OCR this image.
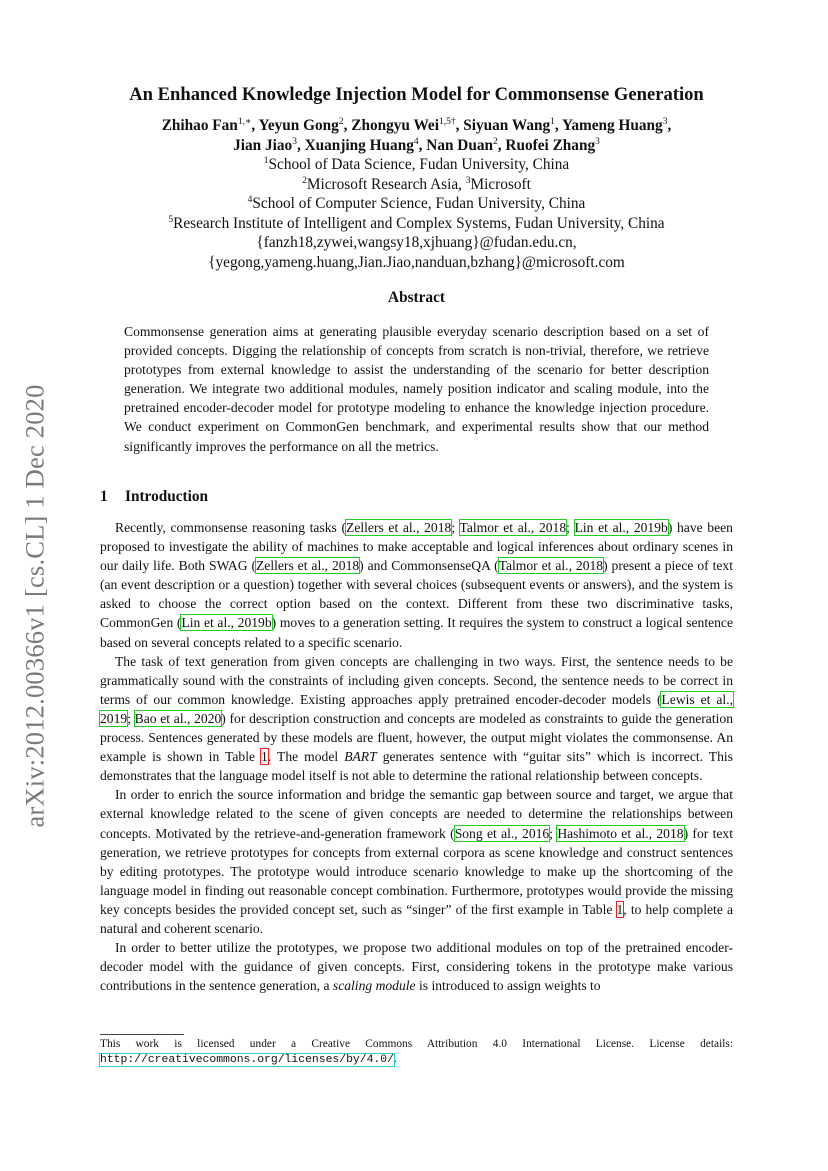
arXiv:2012.00366v1 [cs.CL] 1 Dec 2020
An Enhanced Knowledge Injection Model for Commonsense Generation
Zhihao Fan$^{1,∗}$, Yeyun Gong$^2$, Zhongyu Wei$^{1,5\dagger}$, Siyuan Wang$^1$, Yameng Huang$^3$,
Jian Jiao$^3$, Xuanjing Huang$^4$, Nan Duan$^2$, Ruofei Zhang$^3$
$^1$School of Data Science, Fudan University, China
$^2$Microsoft Research Asia, $^3$Microsoft
$^4$School of Computer Science, Fudan University, China
$^5$Research Institute of Intelligent and Complex Systems, Fudan University, China
{fanzh18,zywei,wangsy18,xjhuang}@fudan.edu.cn,
{yegong,yameng.huang,Jian.Jiao,nanduan,bzhang}@microsoft.com
Abstract
Commonsense generation aims at generating plausible everyday scenario description based on a set of provided concepts. Digging the relationship of concepts from scratch is non-trivial, therefore, we retrieve prototypes from external knowledge to assist the understanding of the scenario for better description generation. We integrate two additional modules, namely position indicator and scaling module, into the pretrained encoder-decoder model for prototype modeling to enhance the knowledge injection procedure. We conduct experiment on CommonGen benchmark, and experimental results show that our method significantly improves the performance on all the metrics.
1 Introduction

Recently, commonsense reasoning tasks (Zellers et al., 2018; Talmor et al., 2018; Lin et al., 2019b) have been proposed to investigate the ability of machines to make acceptable and logical inferences about ordinary scenes in our daily life. Both SWAG (Zellers et al., 2018) and CommonsenseQA (Talmor et al., 2018) present a piece of text (an event description or a question) together with several choices (subsequent events or answers), and the system is asked to choose the correct option based on the context. Different from these two discriminative tasks, CommonGen (Lin et al., 2019b) moves to a generation setting. It requires the system to construct a logical sentence based on several concepts related to a specific scenario.

The task of text generation from given concepts are challenging in two ways. First, the sentence needs to be grammatically sound with the constraints of including given concepts. Second, the sentence needs to be correct in terms of our common knowledge. Existing approaches apply pretrained encoder-decoder models (Lewis et al., 2019; Bao et al., 2020) for description construction and concepts are modeled as constraints to guide the generation process. Sentences generated by these models are fluent, however, the output might violates the commonsense. An example is shown in Table 1. The model BART generates sentence with “guitar sits” which is incorrect. This demonstrates that the language model itself is not able to determine the rational relationship between concepts.

In order to enrich the source information and bridge the semantic gap between source and target, we argue that external knowledge related to the scene of given concepts are needed to determine the relationships between concepts. Motivated by the retrieve-and-generation framework (Song et al., 2016; Hashimoto et al., 2018) for text generation, we retrieve prototypes for concepts from external corpora as scene knowledge and construct sentences by editing prototypes. The prototype would introduce scenario knowledge to make up the shortcoming of the language model in finding out reasonable concept combination. Furthermore, prototypes would provide the missing key concepts besides the provided concept set, such as “singer” of the first example in Table 1, to help complete a natural and coherent scenario.

In order to better utilize the prototypes, we propose two additional modules on top of the pretrained encoder-decoder model with the guidance of given concepts. First, considering tokens in the prototype make various contributions in the sentence generation, a scaling module is introduced to assign weights to

This work is licensed under a Creative Commons Attribution 4.0 International License. License details: http://creativecommons.org/licenses/by/4.0/.
